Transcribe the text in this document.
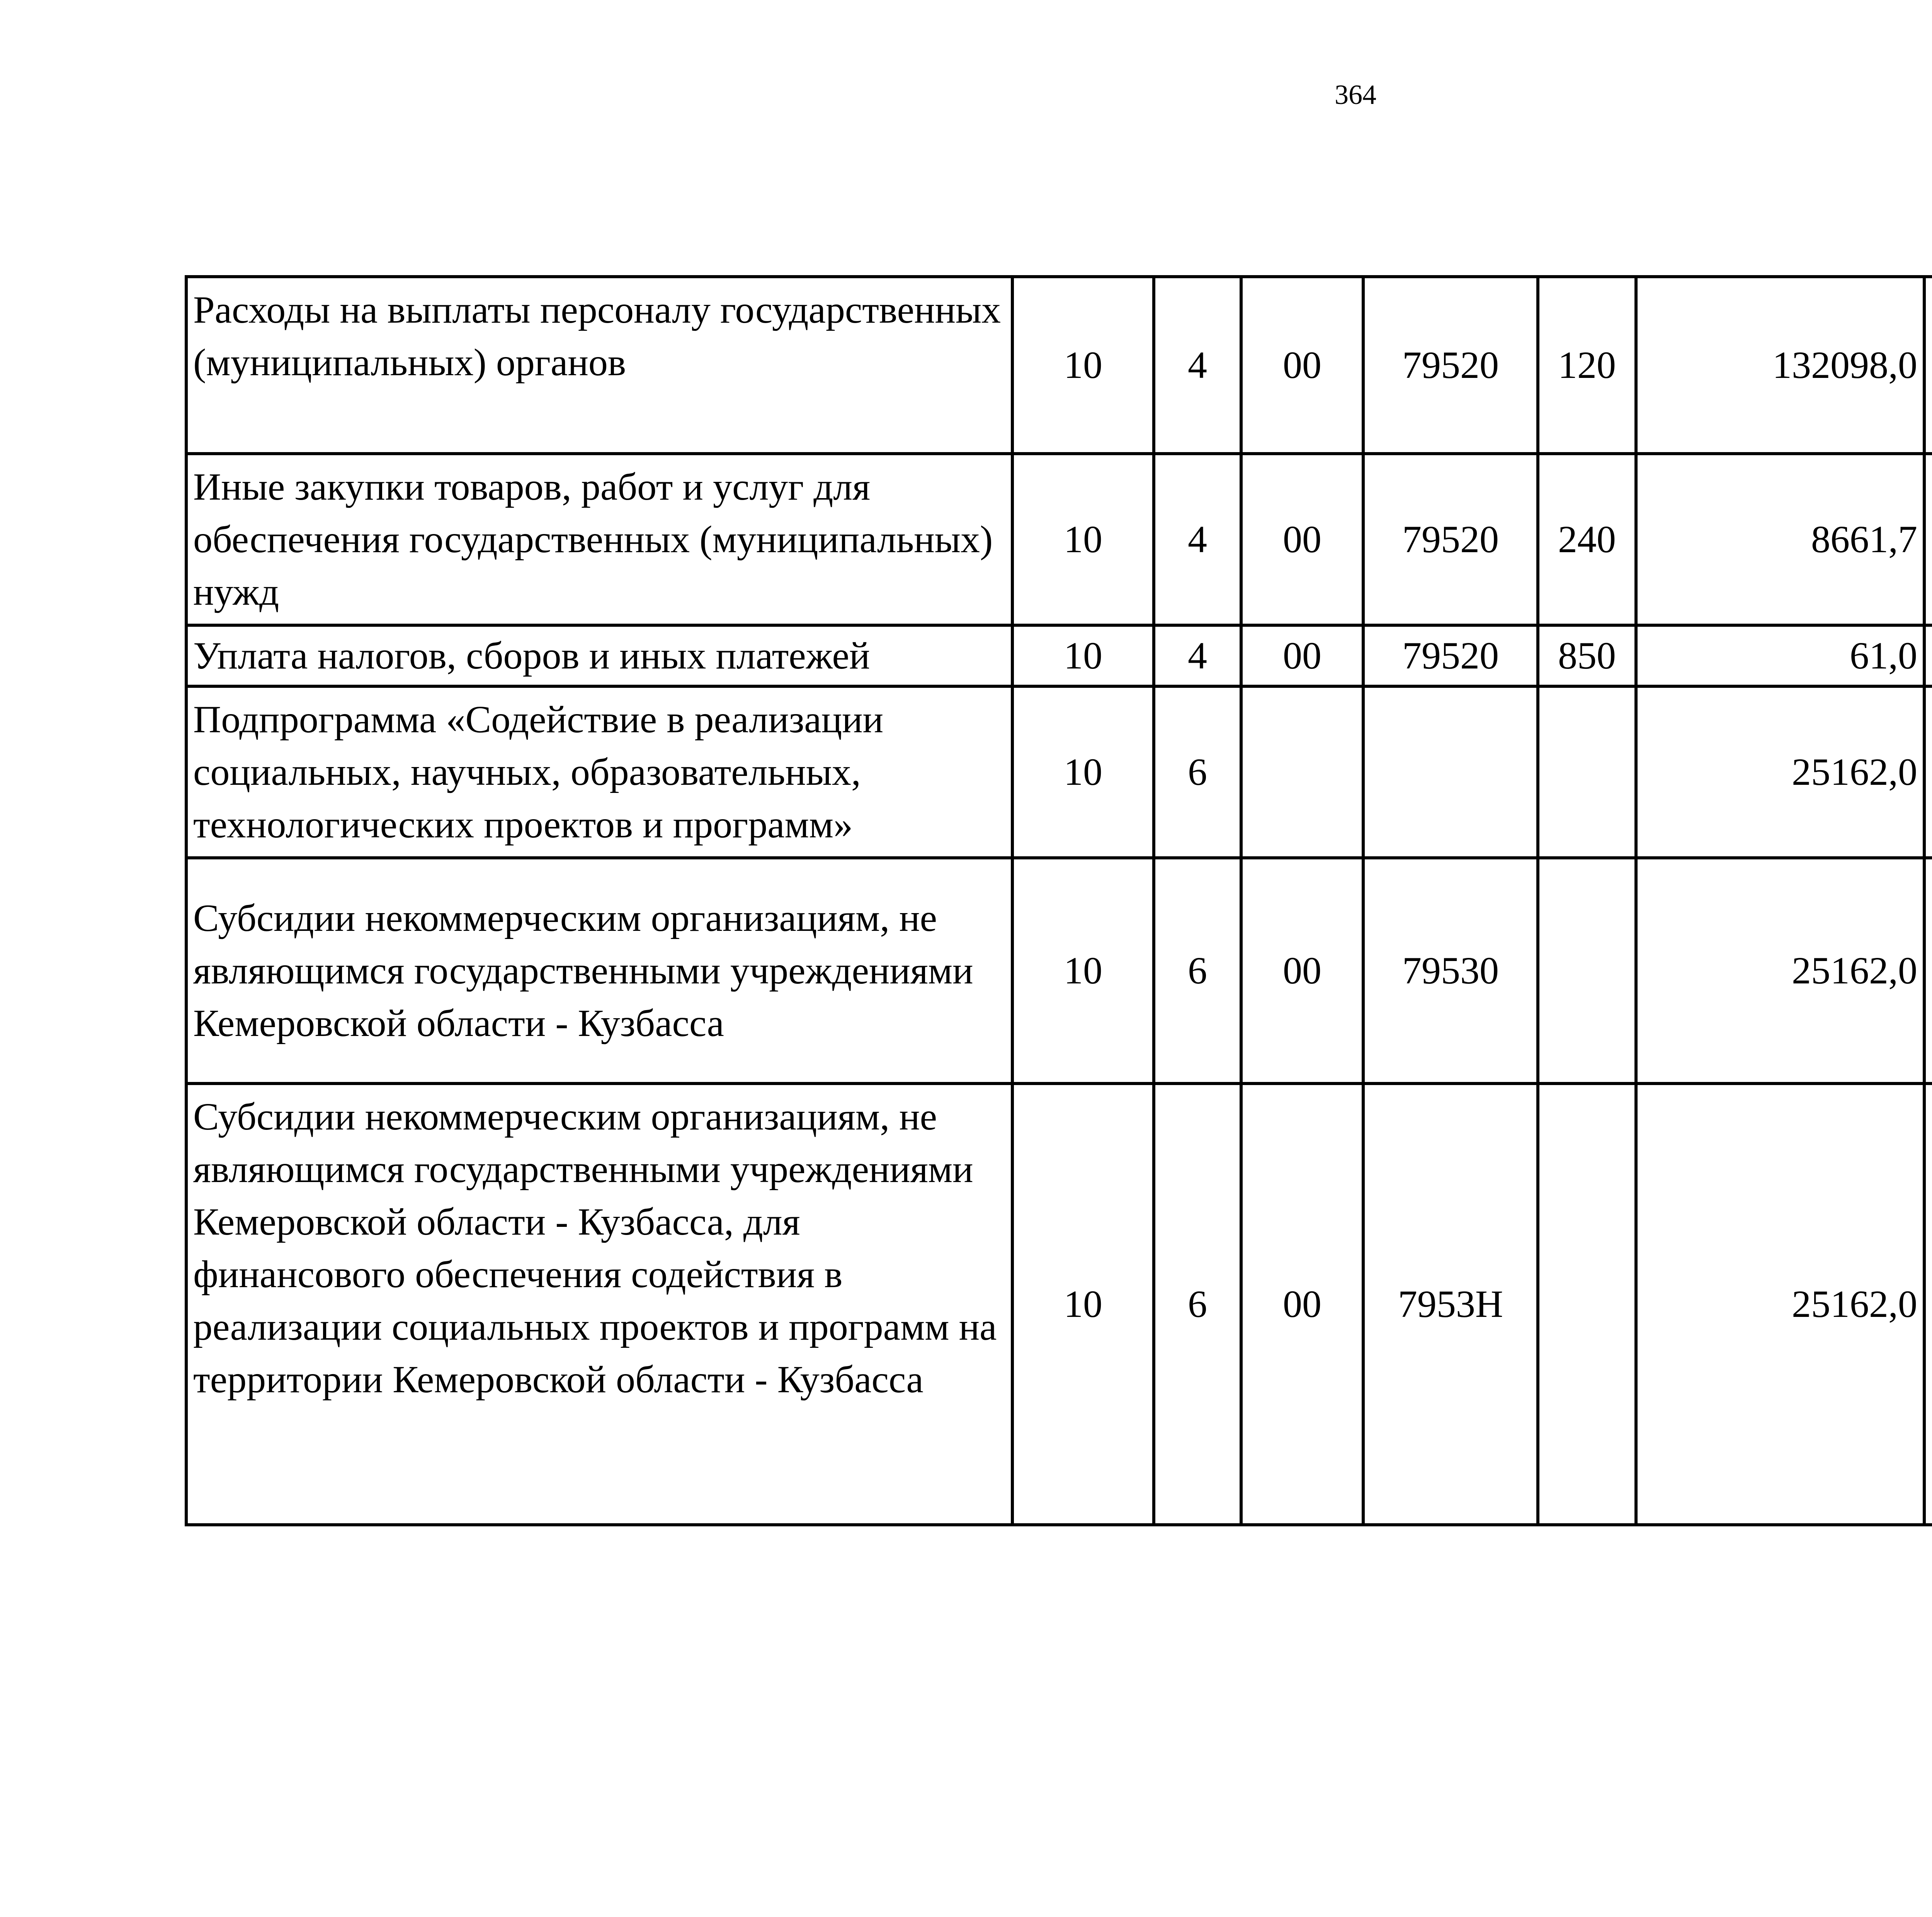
364
Расходы на выплаты персоналу государственных (муниципальных) органов	10	4	00	79520	120	132098,0		
Иные закупки товаров, работ и услуг для обеспечения государственных (муниципальных) нужд	10	4	00	79520	240	8661,7		
Уплата налогов, сборов и иных платежей	10	4	00	79520	850	61,0		
Подпрограмма «Содействие в реализации социальных, научных, образовательных, технологических проектов и программ»	10	6				25162,0		
Субсидии некоммерческим организациям, не являющимся государственными учреждениями Кемеровской области - Кузбасса	10	6	00	79530		25162,0		
Субсидии некоммерческим организациям, не являющимся государственными учреждениями Кемеровской области - Кузбасса, для финансового обеспечения содействия в реализации социальных проектов и программ на территории Кемеровской области - Кузбасса	10	6	00	7953Н		25162,0		
